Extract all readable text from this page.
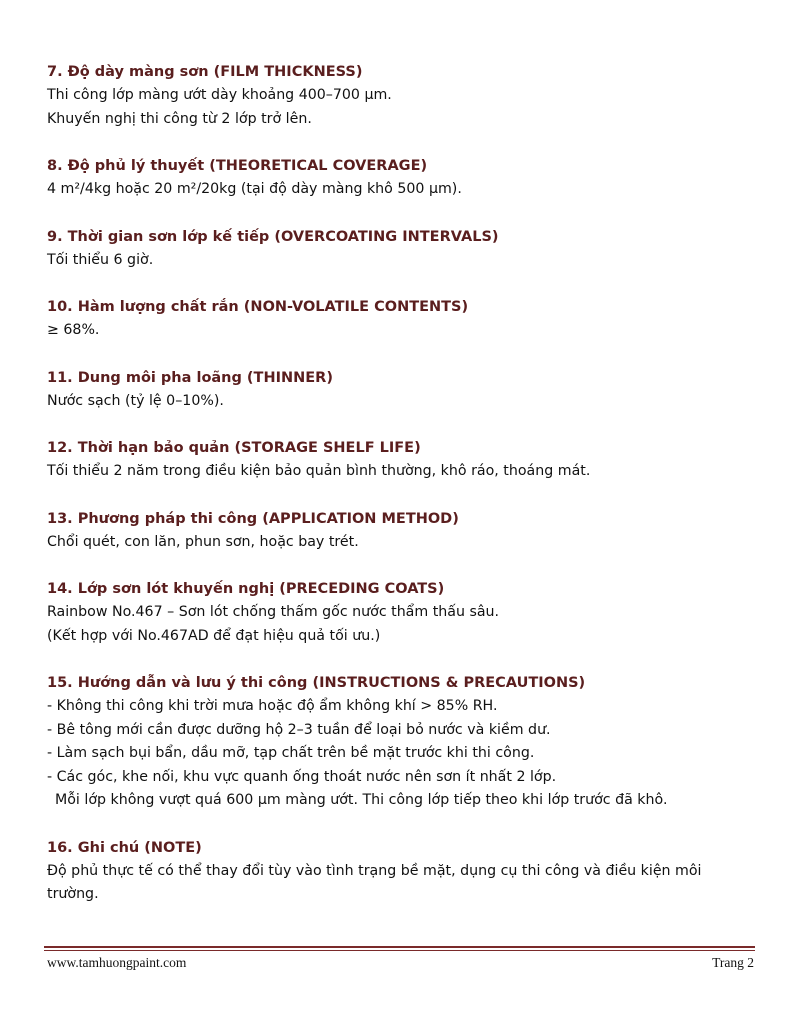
7. Độ dày màng sơn (FILM THICKNESS)
Thi công lớp màng ướt dày khoảng 400–700 µm.
Khuyến nghị thi công từ 2 lớp trở lên.
8. Độ phủ lý thuyết (THEORETICAL COVERAGE)
4 m²/4kg hoặc 20 m²/20kg (tại độ dày màng khô 500 µm).
9. Thời gian sơn lớp kế tiếp (OVERCOATING INTERVALS)
Tối thiểu 6 giờ.
10. Hàm lượng chất rắn (NON-VOLATILE CONTENTS)
≥ 68%.
11. Dung môi pha loãng (THINNER)
Nước sạch (tỷ lệ 0–10%).
12. Thời hạn bảo quản (STORAGE SHELF LIFE)
Tối thiểu 2 năm trong điều kiện bảo quản bình thường, khô ráo, thoáng mát.
13. Phương pháp thi công (APPLICATION METHOD)
Chổi quét, con lăn, phun sơn, hoặc bay trét.
14. Lớp sơn lót khuyến nghị (PRECEDING COATS)
Rainbow No.467 – Sơn lót chống thấm gốc nước thẩm thấu sâu.
(Kết hợp với No.467AD để đạt hiệu quả tối ưu.)
15. Hướng dẫn và lưu ý thi công (INSTRUCTIONS & PRECAUTIONS)
- Không thi công khi trời mưa hoặc độ ẩm không khí > 85% RH.
- Bê tông mới cần được dưỡng hộ 2–3 tuần để loại bỏ nước và kiềm dư.
- Làm sạch bụi bẩn, dầu mỡ, tạp chất trên bề mặt trước khi thi công.
- Các góc, khe nối, khu vực quanh ống thoát nước nên sơn ít nhất 2 lớp.
Mỗi lớp không vượt quá 600 µm màng ướt. Thi công lớp tiếp theo khi lớp trước đã khô.
16. Ghi chú (NOTE)
Độ phủ thực tế có thể thay đổi tùy vào tình trạng bề mặt, dụng cụ thi công và điều kiện môi
trường.
www.tamhuongpaint.com	Trang 2
